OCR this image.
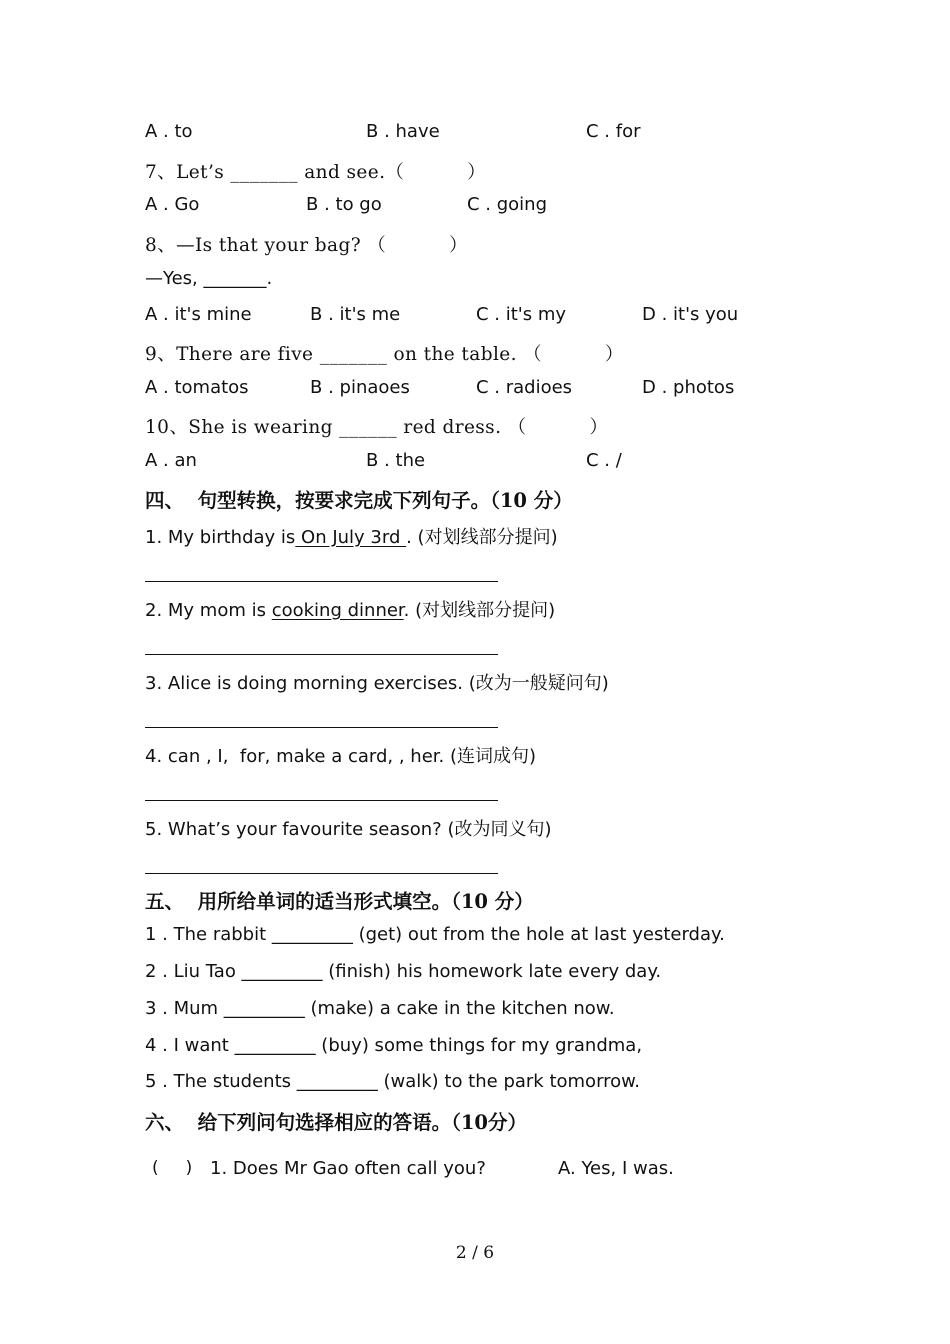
A . to	B . have	C . for
7、Let’s _______ and see.（          ）
A . Go	B . to go	C . going
8、—Is that your bag? （          ）
—Yes, _______.
A . it's mine	B . it's me	C . it's my	D . it's you
9、There are five _______ on the table. （          ）
A . tomatos	B . pinaoes	C . radioes	D . photos
10、She is wearing ______ red dress. （          ）
A . an	B . the	C . /
四、  句型转换，按要求完成下列句子。（10 分）
1. My birthday is On July 3rd . (对划线部分提问)
2. My mom is cooking dinner. (对划线部分提问)
3. Alice is doing morning exercises. (改为一般疑问句)
4. can , I,  for, make a card, , her. (连词成句)
5. What’s your favourite season? (改为同义句)
五、  用所给单词的适当形式填空。（10 分）
1 . The rabbit _________ (get) out from the hole at last yesterday.
2 . Liu Tao _________ (finish) his homework late every day.
3 . Mum _________ (make) a cake in the kitchen now.
4 . I want _________ (buy) some things for my grandma,
5 . The students _________ (walk) to the park tomorrow.
六、  给下列问句选择相应的答语。（10分）
(     ) 1. Does Mr Gao often call you?	A. Yes, I was.
2 / 6
